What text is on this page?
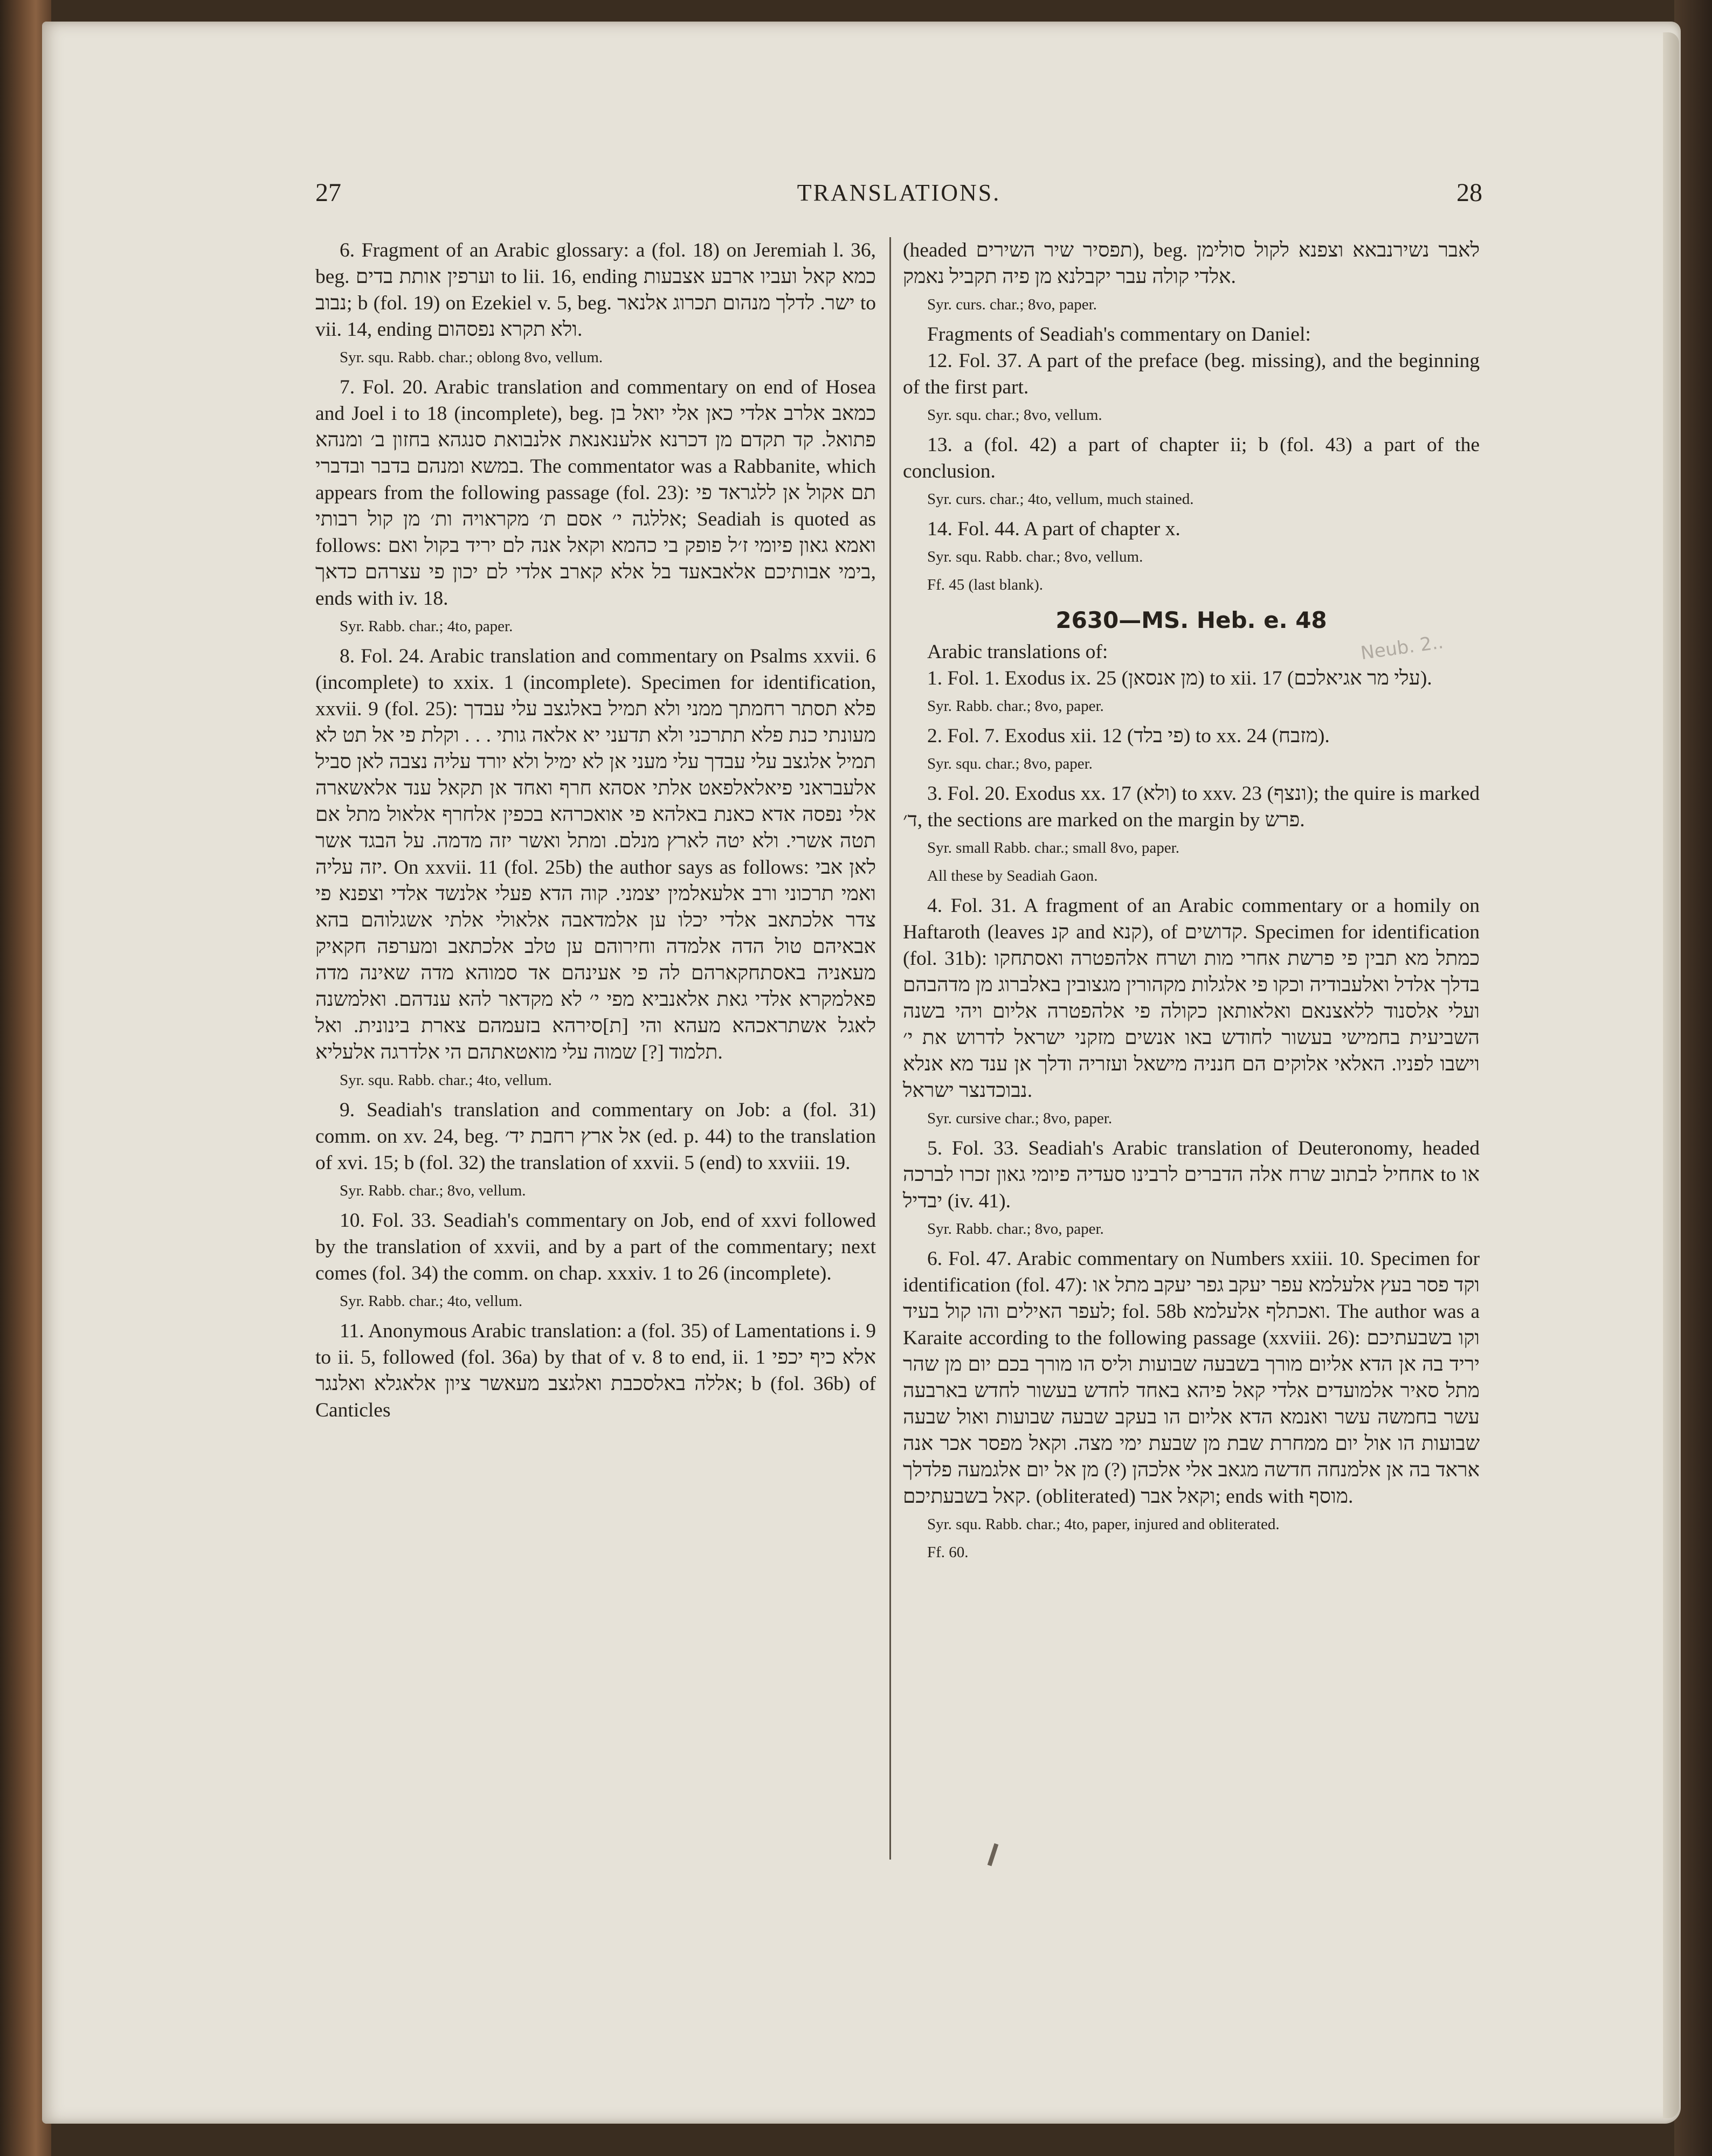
27	TRANSLATIONS.	28

6. Fragment of an Arabic glossary: a (fol. 18) on Jeremiah l. 36, beg. וערפין אותת בדים to lii. 16, ending כמא קאל ועביו ארבע אצבעות נבוב; b (fol. 19) on Ezekiel v. 5, beg. ישר. לדלך מנהום תכרוג אלנאר to vii. 14, ending ולא תקרא נפסהום.

Syr. squ. Rabb. char.; oblong 8vo, vellum.

7. Fol. 20. Arabic translation and commentary on end of Hosea and Joel i to 18 (incomplete), beg. כמאב אלרב אלדי כאן אלי יואל בן פתואל. קד תקדם מן דכרנא אלענאנאת אלנבואת סנגהא בחזון ב׳ ומנהא במשא ומנהם בדבר ובדברי. The commentator was a Rabbanite, which appears from the following passage (fol. 23): תם אקול אן ללגראד פי אללגה י׳ אסם ת׳ מקראויה ות׳ מן קול רבותי; Seadiah is quoted as follows: ואמא גאון פיומי ז׳ל פופק בי כהמא וקאל אנה לם יריד בקול ואם בימי אבותיכם אלאבאעד בל אלא קארב אלדי לם יכון פי עצרהם כדאך, ends with iv. 18.

Syr. Rabb. char.; 4to, paper.

8. Fol. 24. Arabic translation and commentary on Psalms xxvii. 6 (incomplete) to xxix. 1 (incomplete). Specimen for identification, xxvii. 9 (fol. 25): פלא תסתר רחמתך ממני ולא תמיל באלגצב עלי עבדך מעונתי כנת פלא תתרכני ולא תדעני יא אלאה גותי . . . וקלת פי אל תט לא תמיל אלגצב עלי עבדך עלי מעני אן לא ימיל ולא יורד עליה נצבה לאן סביל אלעבראני פיאלאלפאט אלתי אסהא חרף ואחד אן תקאל ענד אלאשארה אלי נפסה אדא כאנת באלהא פי אואכרהא בכפין אלחרף אלאול מתל אם תטה אשרי. ולא יטה לארץ מנלם. ומתל ואשר יזה מדמה. על הבגד אשר יזה עליה. On xxvii. 11 (fol. 25b) the author says as follows: לאן אבי ואמי תרכוני ורב אלעאלמין יצמני. קוה הדא פעלי אלנשד אלדי וצפנא פי צדר אלכתאב אלדי יכלו ען אלמדאבה אלאולי אלתי אשגלוהם בהא אבאיהם טול הדה אלמדה וחירוהם ען טלב אלכתאב ומערפה חקאיק מעאניה באסתחקארהם לה פי אעינהם אד סמוהא מדה שאינה מדה פאלמקרא אלדי גאת אלאנביא מפי י׳ לא מקדאר להא ענדהם. ואלמשנה לאגל אשתראכהא מעהא והי [ת]סירהא בזעמהם צארת בינונית. ואל תלמוד [?] שמוה עלי מואטאתהם הי אלדרגה אלעליא.

Syr. squ. Rabb. char.; 4to, vellum.

9. Seadiah's translation and commentary on Job: a (fol. 31) comm. on xv. 24, beg. אל ארץ רחבת יד׳ (ed. p. 44) to the translation of xvi. 15; b (fol. 32) the translation of xxvii. 5 (end) to xxviii. 19.

Syr. Rabb. char.; 8vo, vellum.

10. Fol. 33. Seadiah's commentary on Job, end of xxvi followed by the translation of xxvii, and by a part of the commentary; next comes (fol. 34) the comm. on chap. xxxiv. 1 to 26 (incomplete).

Syr. Rabb. char.; 4to, vellum.

11. Anonymous Arabic translation: a (fol. 35) of Lamentations i. 9 to ii. 5, followed (fol. 36a) by that of v. 8 to end, ii. 1 אלא כיף יכפי אללה באלסכבת ואלגצב מעאשר ציון אלאגלא ואלנגר; b (fol. 36b) of Canticles

(headed תפסיר שיר השירים), beg. לאבר נשירנבאא וצפנא לקול סולימן אלדי קולה עבר יקבלנא מן פיה תקביל נאמק.

Syr. curs. char.; 8vo, paper.

Fragments of Seadiah's commentary on Daniel:

12. Fol. 37. A part of the preface (beg. missing), and the beginning of the first part.

Syr. squ. char.; 8vo, vellum.

13. a (fol. 42) a part of chapter ii; b (fol. 43) a part of the conclusion.

Syr. curs. char.; 4to, vellum, much stained.

14. Fol. 44. A part of chapter x.

Syr. squ. Rabb. char.; 8vo, vellum.
Ff. 45 (last blank).
2630—MS. Heb. e. 48

Arabic translations of:

1. Fol. 1. Exodus ix. 25 (מן אנסאן) to xii. 17 (עלי מר אגיאלכם).

Syr. Rabb. char.; 8vo, paper.

2. Fol. 7. Exodus xii. 12 (פי בלד) to xx. 24 (מזבח).

Syr. squ. char.; 8vo, paper.

3. Fol. 20. Exodus xx. 17 (ולא) to xxv. 23 (ונצף); the quire is marked ד׳, the sections are marked on the margin by פרש.

Syr. small Rabb. char.; small 8vo, paper.
All these by Seadiah Gaon.

4. Fol. 31. A fragment of an Arabic commentary or a homily on Haftaroth (leaves קנ and קנא), of קדושים. Specimen for identification (fol. 31b): כמתל מא תבין פי פרשת אחרי מות ושרח אלהפטרה ואסתחקו בדלך אלדל ואלעבודיה וכקו פי אלגלות מקהורין מגצובין באלברוג מן מדהבהם ועלי אלסנוד ללאצנאם ואלאותאן כקולה פי אלהפטרה אליום ויהי בשנה השביעית בחמישי בעשור לחודש באו אנשים מזקני ישראל לדרוש את י׳ וישבו לפניו. האלאי אלוקים הם חנניה מישאל ועזריה ודלך אן ענד מא אנלא נבוכדנצר ישראל.

Syr. cursive char.; 8vo, paper.

5. Fol. 33. Seadiah's Arabic translation of Deuteronomy, headed אחחיל לבתוב שרח אלה הדברים לרבינו סעדיה פיומי גאון זכרו לברכה to או יבדיל (iv. 41).

Syr. Rabb. char.; 8vo, paper.

6. Fol. 47. Arabic commentary on Numbers xxiii. 10. Specimen for identification (fol. 47): וקד פסר בעץ אלעלמא עפר יעקב גפר יעקב מתל או לעפר האילים והו קול בעיד; fol. 58b ואכתלף אלעלמא. The author was a Karaite according to the following passage (xxviii. 26): וקו בשבעתיכם יריד בה אן הדא אליום מורך בשבעה שבועות וליס הו מורך בכם יום מן שהר מתל סאיר אלמועדים אלדי קאל פיהא באחד לחדש בעשור לחדש בארבעה עשר בחמשה עשר ואנמא הדא אליום הו בעקב שבעה שבועות ואול שבעה שבועות הו אול יום ממחרת שבת מן שבעת ימי מצה. וקאל מפסר אכר אנה אראד בה אן אלמנחה חדשה מגאב אלי אלכהן (?) מן אל יום אלגמעה פלדלך קאל בשבעתיכם. (obliterated) וקאל אבר; ends with מוסף.

Syr. squ. Rabb. char.; 4to, paper, injured and obliterated.
Ff. 60.
Neub. 2..
